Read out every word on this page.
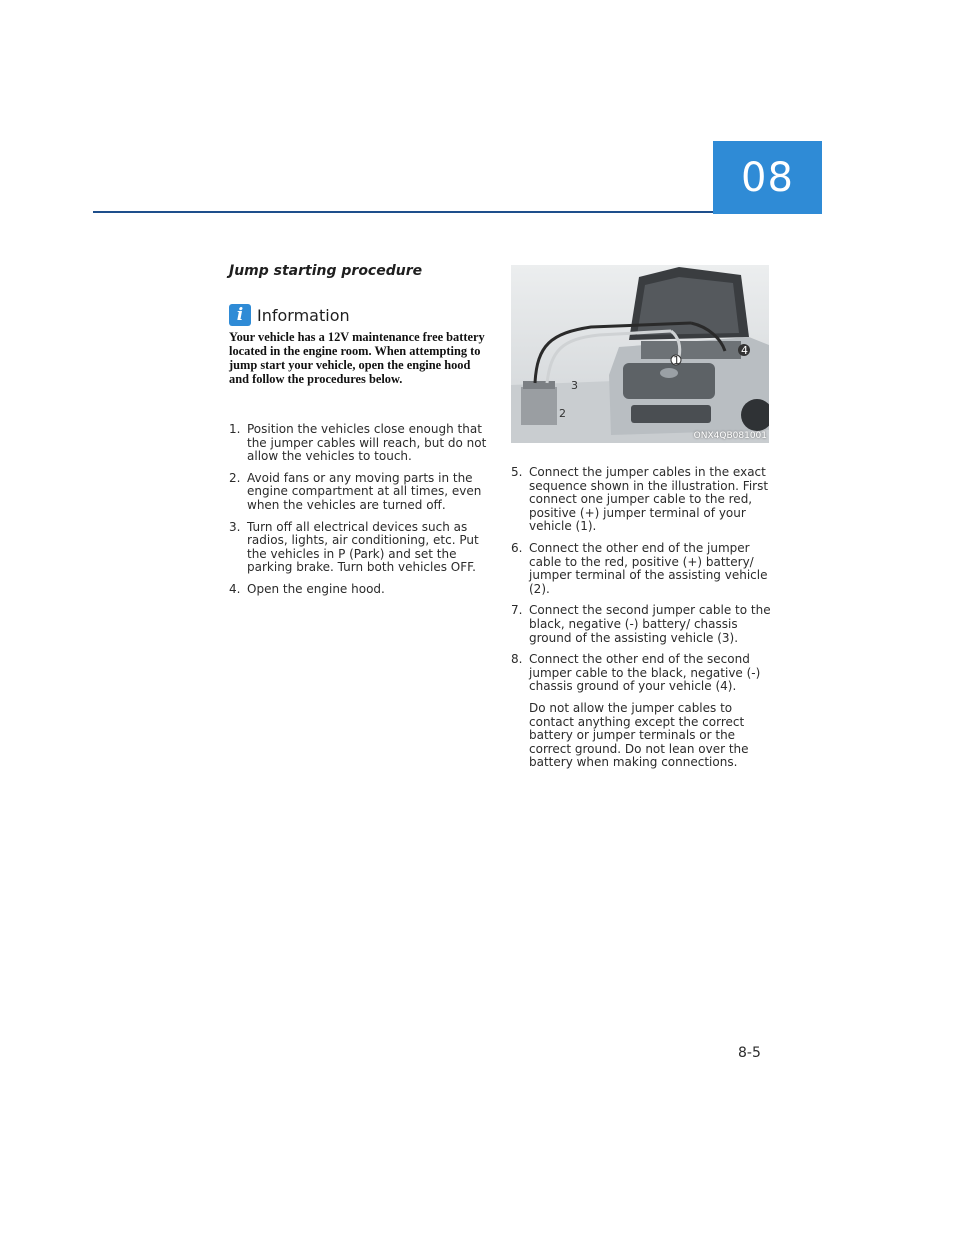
08
Jump starting procedure
i Information
Your vehicle has a 12V maintenance free battery located in the engine room. When attempting to jump start your vehicle, open the engine hood and follow the procedures below.
1. Position the vehicles close enough that the jumper cables will reach, but do not allow the vehicles to touch.
2. Avoid fans or any moving parts in the engine compartment at all times, even when the vehicles are turned off.
3. Turn off all electrical devices such as radios, lights, air conditioning, etc. Put the vehicles in P (Park) and set the parking brake. Turn both vehicles OFF.
4. Open the engine hood.
1
2
3
4
ONX4QB081001
5. Connect the jumper cables in the exact sequence shown in the illustration. First connect one jumper cable to the red, positive (+) jumper terminal of your vehicle (1).
6. Connect the other end of the jumper cable to the red, positive (+) battery/ jumper terminal of the assisting vehicle (2).
7. Connect the second jumper cable to the black, negative (-) battery/ chassis ground of the assisting vehicle (3).
8. Connect the other end of the second jumper cable to the black, negative (-) chassis ground of your vehicle (4).
Do not allow the jumper cables to contact anything except the correct battery or jumper terminals or the correct ground. Do not lean over the battery when making connections.
8-5
